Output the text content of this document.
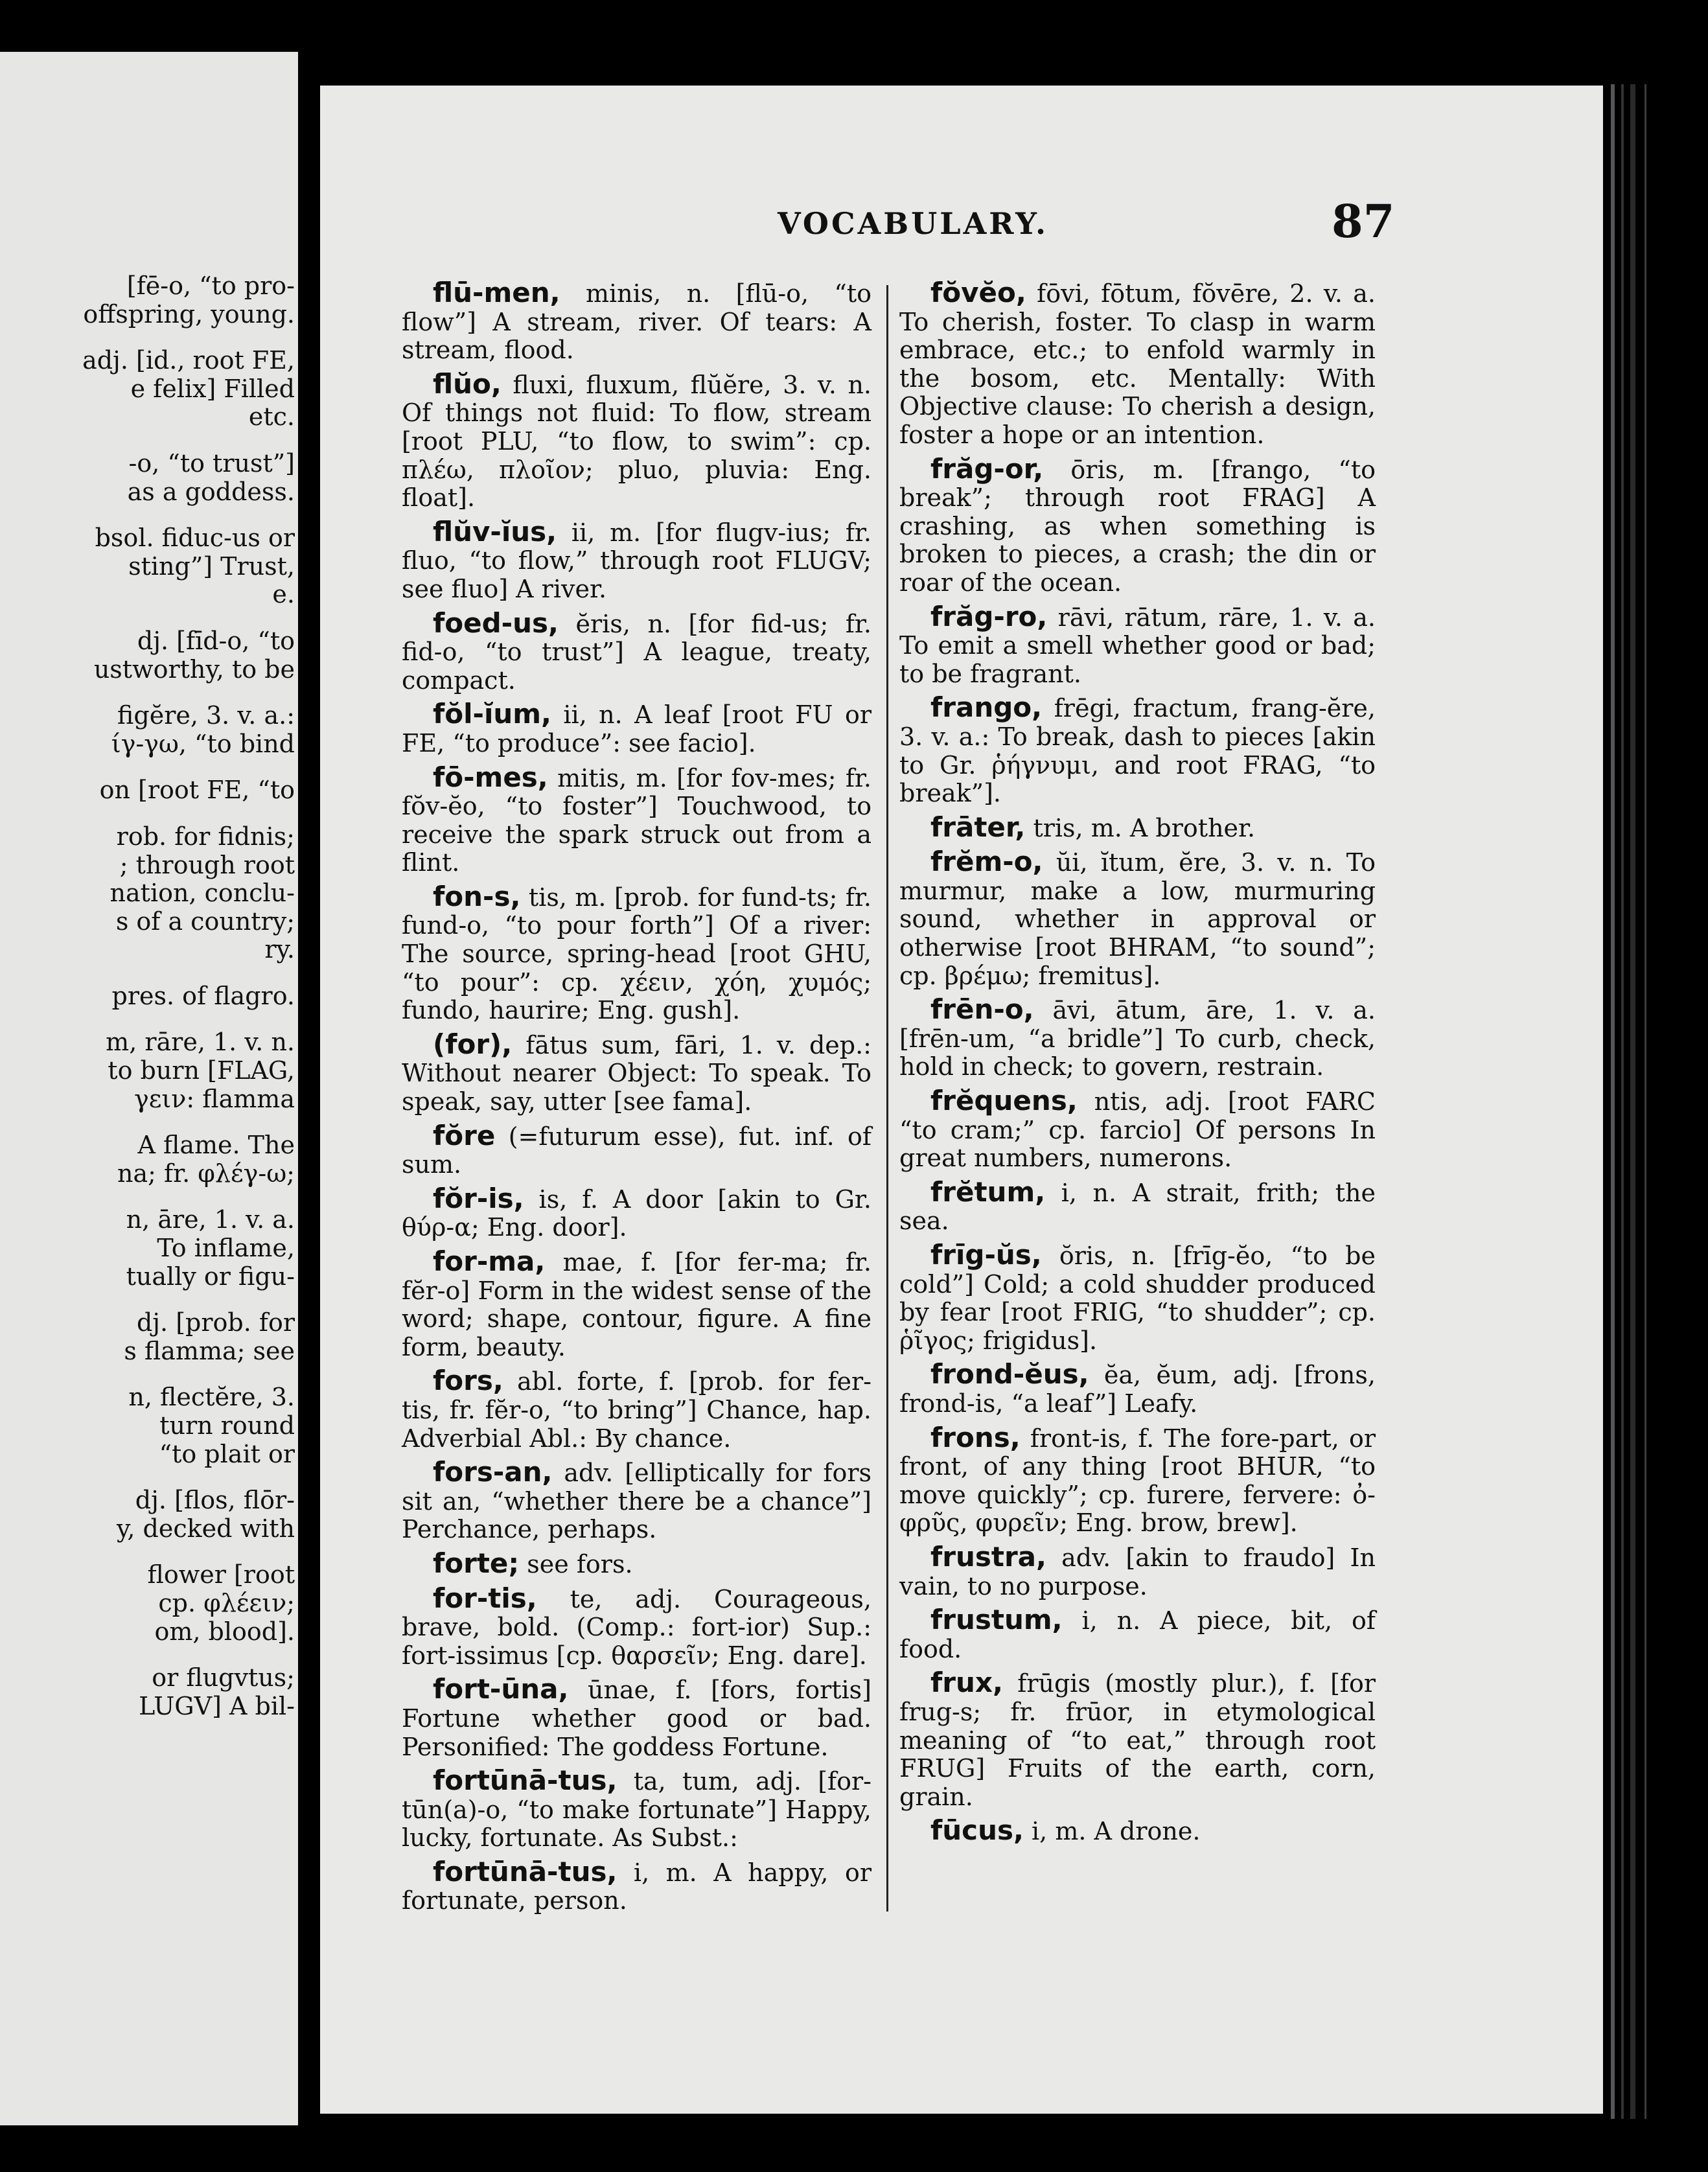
[fē-o, “to pro-
offspring, young.
adj. [id., root FE,
e felix] Filled
etc.
-o, “to trust”]
as a goddess.
bsol. fiduc-us or
sting”] Trust,
e.
dj. [fīd-o, “to
ustworthy, to be
figĕre, 3. v. a.:
ίγ-γω, “to bind
on [root FE, “to
rob. for fidnis;
; through root
nation, conclu-
s of a country;
ry.
pres. of flagro.
m, rāre, 1. v. n.
to burn [FLAG,
γειν: flamma
A flame. The
na; fr. φλέγ-ω;
n, āre, 1. v. a.
To inflame,
tually or figu-
dj. [prob. for
s flamma; see
n, flectĕre, 3.
turn round
“to plait or
dj. [flos, flōr-
y, decked with
flower [root
cp. φλέειν;
om, blood].
or flugvtus;
LUGV] A bil-
VOCABULARY.	87

flū-men, minis, n. [flū-o, “to flow”] A stream, river. Of tears: A stream, flood.

flŭo, fluxi, fluxum, flŭĕre, 3. v. n. Of things not fluid: To flow, stream [root PLU, “to flow, to swim”: cp. πλέω, πλοῖον; pluo, pluvia: Eng. float].

flŭv-ĭus, ii, m. [for flugv-ius; fr. fluo, “to flow,” through root FLUGV; see fluo] A river.

foed-us, ĕris, n. [for fid-us; fr. fid-o, “to trust”] A league, treaty, compact.

fŏl-ĭum, ii, n. A leaf [root FU or FE, “to produce”: see facio].

fō-mes, mitis, m. [for fov-mes; fr. fŏv-ĕo, “to foster”] Touchwood, to receive the spark struck out from a flint.

fon-s, tis, m. [prob. for fund-ts; fr. fund-o, “to pour forth”] Of a river: The source, spring-head [root GHU, “to pour”: cp. χέειν, χόη, χυμός; fundo, haurire; Eng. gush].

(for), fātus sum, fāri, 1. v. dep.: Without nearer Object: To speak. To speak, say, utter [see fama].

fŏre (=futurum esse), fut. inf. of sum.

fŏr-is, is, f. A door [akin to Gr. θύρ-α; Eng. door].

for-ma, mae, f. [for fer-ma; fr. fĕr-o] Form in the widest sense of the word; shape, contour, figure. A fine form, beauty.

fors, abl. forte, f. [prob. for fer-tis, fr. fĕr-o, “to bring”] Chance, hap. Adverbial Abl.: By chance.

fors-an, adv. [elliptically for fors sit an, “whether there be a chance”] Perchance, perhaps.

forte; see fors.

for-tis, te, adj. Courageous, brave, bold. (Comp.: fort-ior) Sup.: fort-issimus [cp. θαρσεῖν; Eng. dare].

fort-ūna, ūnae, f. [fors, fortis] Fortune whether good or bad. Personified: The goddess Fortune.

fortūnā-tus, ta, tum, adj. [for-tūn(a)-o, “to make fortunate”] Happy, lucky, fortunate. As Subst.:

fortūnā-tus, i, m. A happy, or fortunate, person.

fŏvĕo, fōvi, fōtum, fŏvēre, 2. v. a. To cherish, foster. To clasp in warm embrace, etc.; to enfold warmly in the bosom, etc. Mentally: With Objective clause: To cherish a design, foster a hope or an intention.

frăg-or, ōris, m. [frango, “to break”; through root FRAG] A crashing, as when something is broken to pieces, a crash; the din or roar of the ocean.

frăg-ro, rāvi, rātum, rāre, 1. v. a. To emit a smell whether good or bad; to be fragrant.

frango, frēgi, fractum, frang-ĕre, 3. v. a.: To break, dash to pieces [akin to Gr. ῥήγνυμι, and root FRAG, “to break”].

frāter, tris, m. A brother.

frĕm-o, ŭi, ĭtum, ĕre, 3. v. n. To murmur, make a low, murmuring sound, whether in approval or otherwise [root BHRAM, “to sound”; cp. βρέμω; fremitus].

frēn-o, āvi, ātum, āre, 1. v. a. [frēn-um, “a bridle”] To curb, check, hold in check; to govern, restrain.

frĕquens, ntis, adj. [root FARC “to cram;” cp. farcio] Of persons In great numbers, numerons.

frĕtum, i, n. A strait, frith; the sea.

frīg-ŭs, ŏris, n. [frīg-ĕo, “to be cold”] Cold; a cold shudder produced by fear [root FRIG, “to shudder”; cp. ῥῖγος; frigidus].

frond-ĕus, ĕa, ĕum, adj. [frons, frond-is, “a leaf”] Leafy.

frons, front-is, f. The fore-part, or front, of any thing [root BHUR, “to move quickly”; cp. furere, fervere: ὀ-φρῦς, φυρεῖν; Eng. brow, brew].

frustra, adv. [akin to fraudo] In vain, to no purpose.

frustum, i, n. A piece, bit, of food.

frux, frūgis (mostly plur.), f. [for frug-s; fr. frūor, in etymological meaning of “to eat,” through root FRUG] Fruits of the earth, corn, grain.

fūcus, i, m. A drone.
